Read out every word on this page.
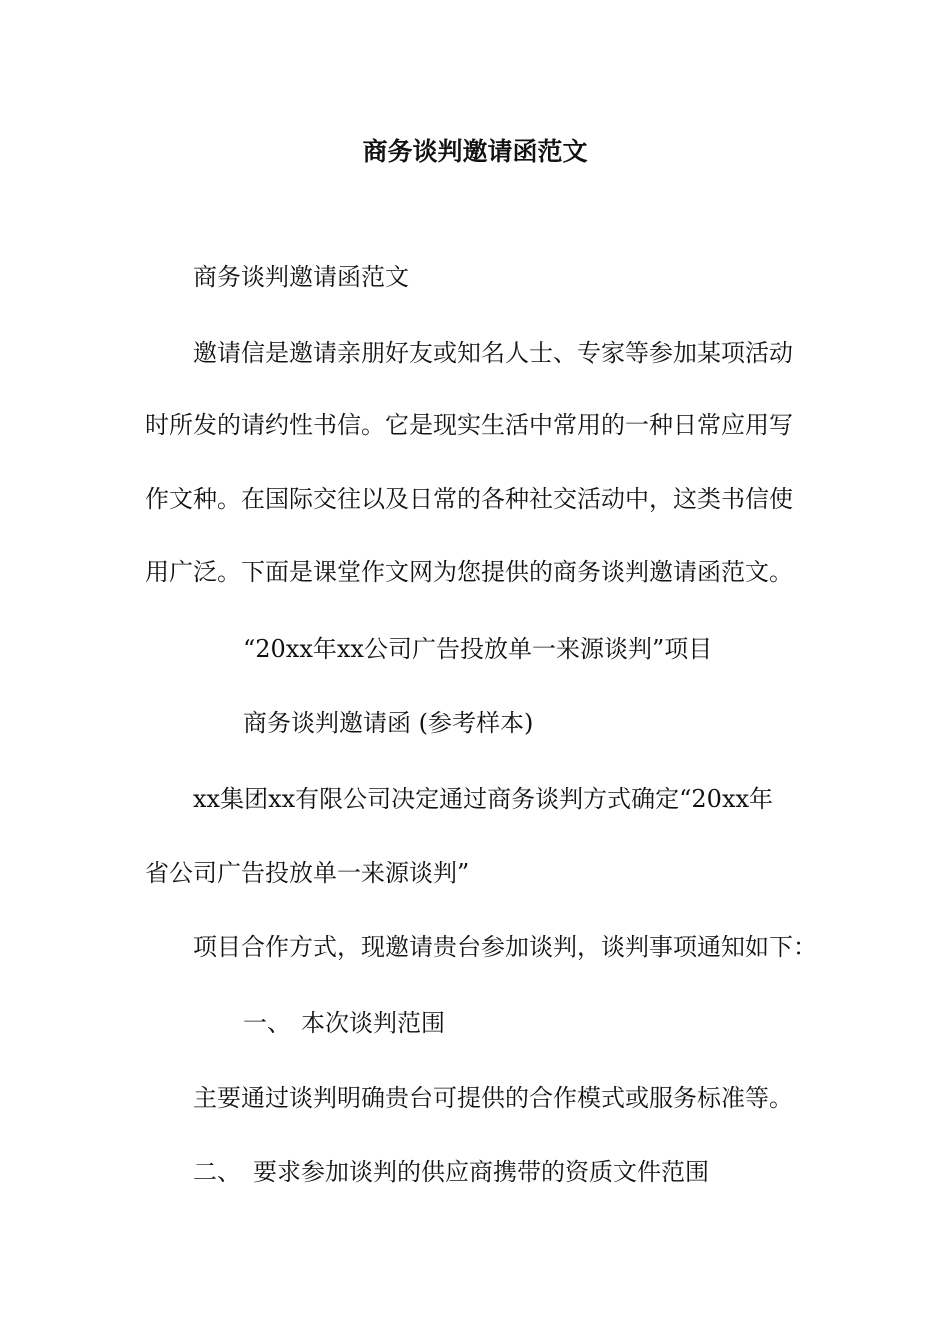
商务谈判邀请函范文
商务谈判邀请函范文
邀请信是邀请亲朋好友或知名人士、专家等参加某项活动
时所发的请约性书信。它是现实生活中常用的一种日常应用写
作文种。在国际交往以及日常的各种社交活动中，这类书信使
用广泛。下面是课堂作文网为您提供的商务谈判邀请函范文。
“20xx年xx公司广告投放单一来源谈判”项目
商务谈判邀请函 (参考样本)
xx集团xx有限公司决定通过商务谈判方式确定“20xx年
省公司广告投放单一来源谈判”
项目合作方式，现邀请贵台参加谈判，谈判事项通知如下：
一、 本次谈判范围
主要通过谈判明确贵台可提供的合作模式或服务标准等。
二、 要求参加谈判的供应商携带的资质文件范围
